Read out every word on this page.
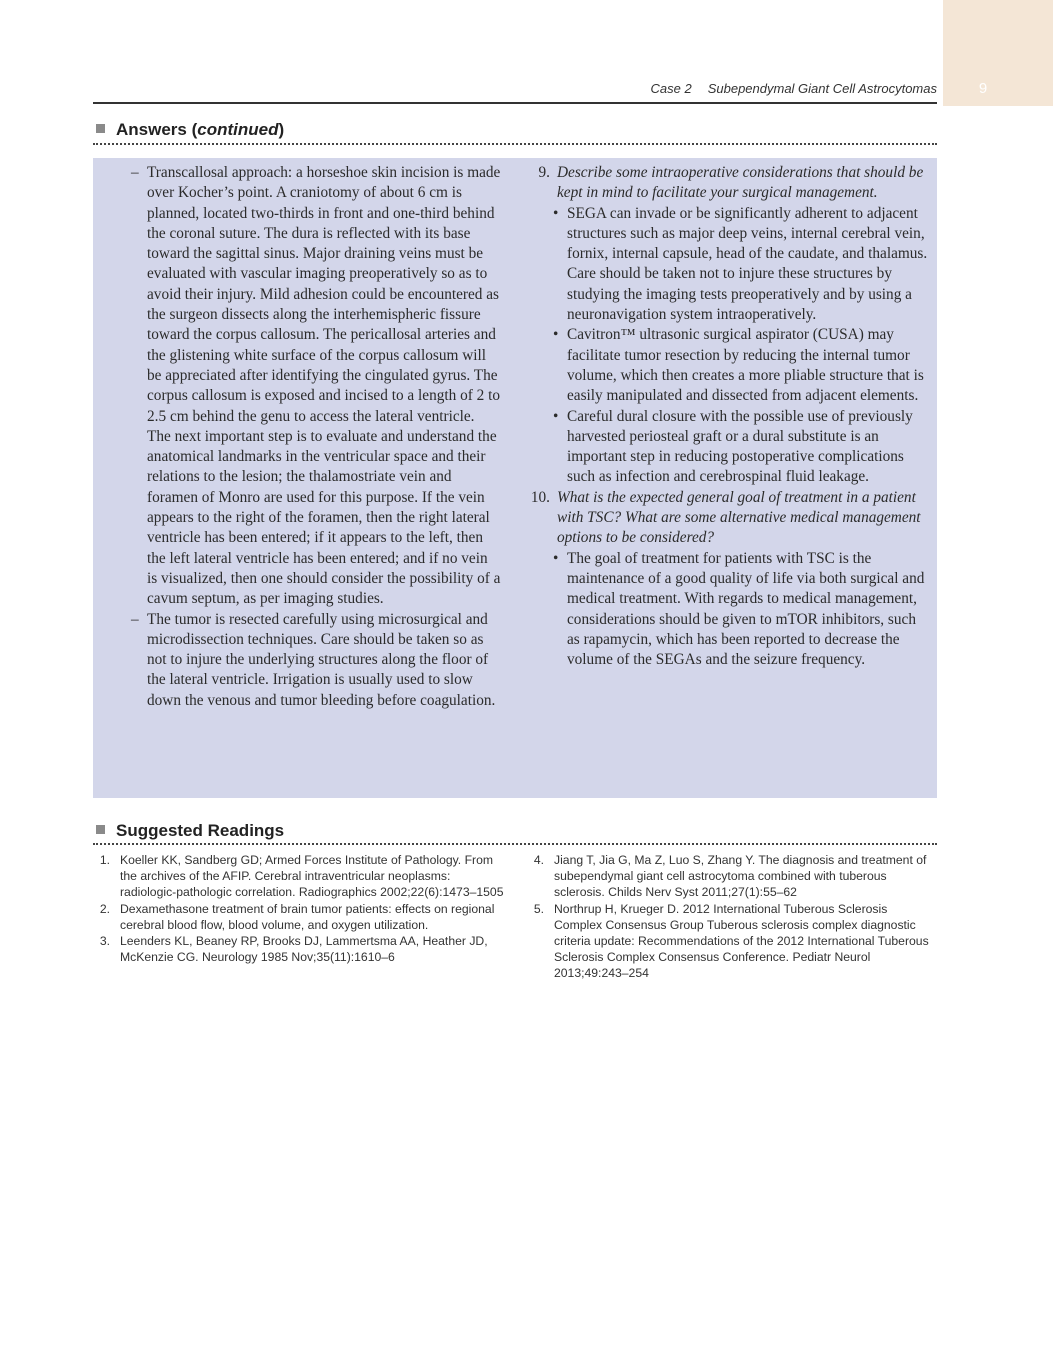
9
Case 2 Subependymal Giant Cell Astrocytomas
Answers (continued)

– Transcallosal approach: a horseshoe skin incision is made over Kocher’s point. A craniotomy of about 6 cm is planned, located two-thirds in front and one-third behind the coronal suture. The dura is reflected with its base toward the sagittal sinus. Major draining veins must be evaluated with vascular imaging preoperatively so as to avoid their injury. Mild adhesion could be encountered as the surgeon dissects along the interhemispheric fissure toward the corpus callosum. The pericallosal arteries and the glistening white surface of the corpus callosum will be appreciated after identifying the cingulated gyrus. The corpus callosum is exposed and incised to a length of 2 to 2.5 cm behind the genu to access the lateral ventricle. The next important step is to evaluate and understand the anatomical landmarks in the ventricular space and their relations to the lesion; the thalamostriate vein and foramen of Monro are used for this purpose. If the vein appears to the right of the foramen, then the right lateral ventricle has been entered; if it appears to the left, then the left lateral ventricle has been entered; and if no vein is visualized, then one should consider the possibility of a cavum septum, as per imaging studies.

– The tumor is resected carefully using microsurgical and microdissection techniques. Care should be taken so as not to injure the underlying structures along the floor of the lateral ventricle. Irrigation is usually used to slow down the venous and tumor bleeding before coagulation.

9. Describe some intraoperative considerations that should be kept in mind to facilitate your surgical management.

• SEGA can invade or be significantly adherent to adjacent structures such as major deep veins, internal cerebral vein, fornix, internal capsule, head of the caudate, and thalamus. Care should be taken not to injure these structures by studying the imaging tests preoperatively and by using a neuronavigation system intraoperatively.

• Cavitron™ ultrasonic surgical aspirator (CUSA) may facilitate tumor resection by reducing the internal tumor volume, which then creates a more pliable structure that is easily manipulated and dissected from adjacent elements.

• Careful dural closure with the possible use of previously harvested periosteal graft or a dural substitute is an important step in reducing postoperative complications such as infection and cerebrospinal fluid leakage.

10. What is the expected general goal of treatment in a patient with TSC? What are some alternative medical management options to be considered?

• The goal of treatment for patients with TSC is the maintenance of a good quality of life via both surgical and medical treatment. With regards to medical management, considerations should be given to mTOR inhibitors, such as rapamycin, which has been reported to decrease the volume of the SEGAs and the seizure frequency.

Suggested Readings

1. Koeller KK, Sandberg GD; Armed Forces Institute of Pathology. From the archives of the AFIP. Cerebral intraventricular neoplasms: radiologic-pathologic correlation. Radiographics 2002;22(6):1473–1505

2. Dexamethasone treatment of brain tumor patients: effects on regional cerebral blood flow, blood volume, and oxygen utilization.

3. Leenders KL, Beaney RP, Brooks DJ, Lammertsma AA, Heather JD, McKenzie CG. Neurology 1985 Nov;35(11):1610–6

4. Jiang T, Jia G, Ma Z, Luo S, Zhang Y. The diagnosis and treatment of subependymal giant cell astrocytoma combined with tuberous sclerosis. Childs Nerv Syst 2011;27(1):55–62

5. Northrup H, Krueger D. 2012 International Tuberous Sclerosis Complex Consensus Group Tuberous sclerosis complex diagnostic criteria update: Recommendations of the 2012 International Tuberous Sclerosis Complex Consensus Conference. Pediatr Neurol 2013;49:243–254
